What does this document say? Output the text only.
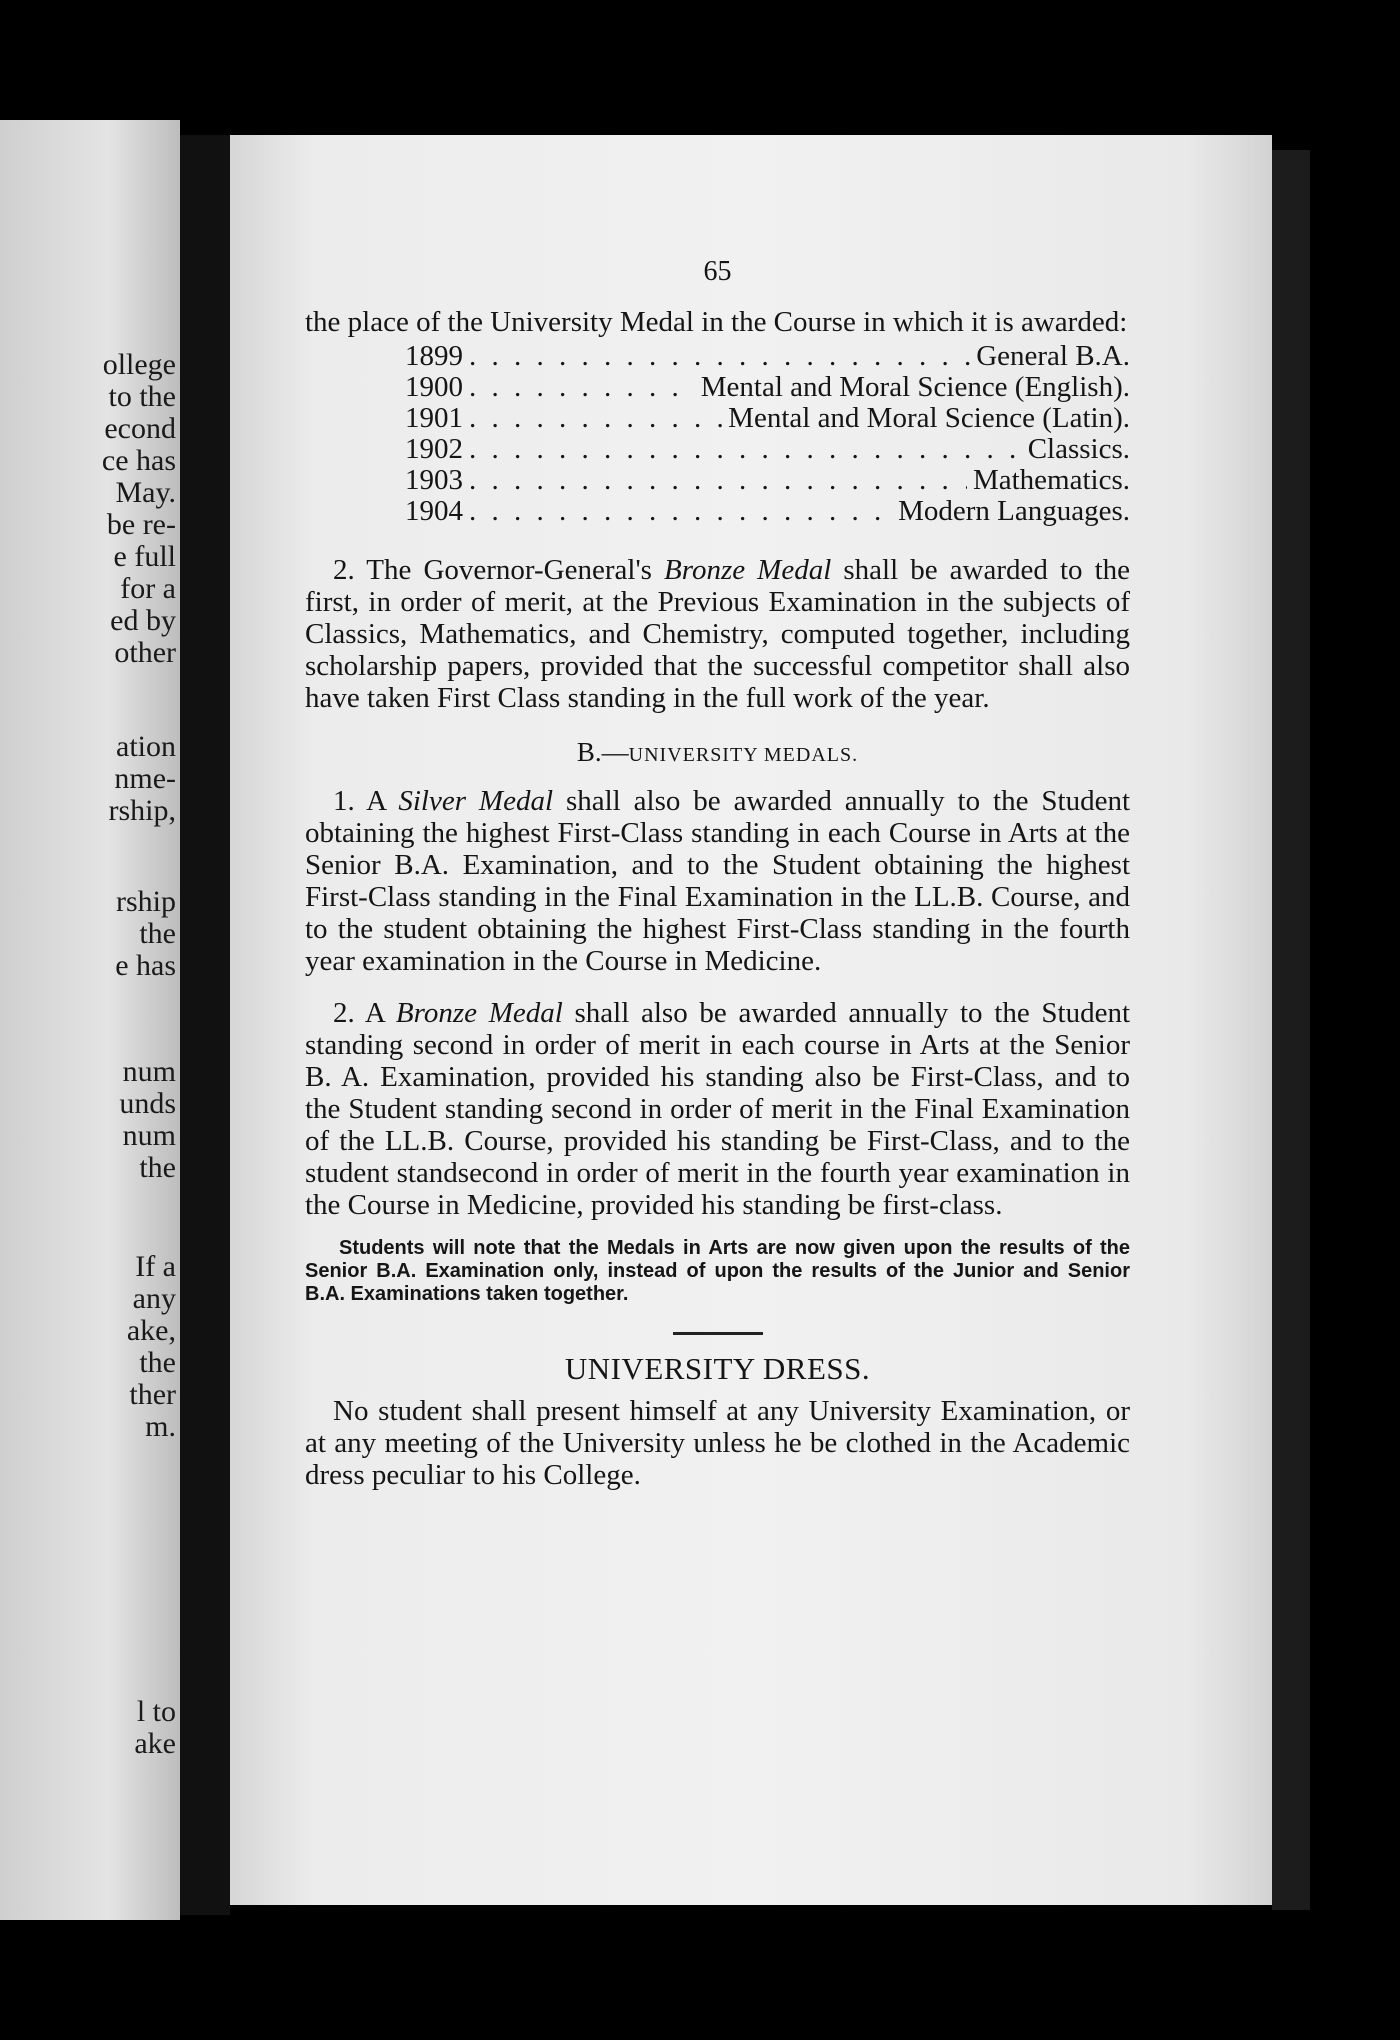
ollege
to the
econd
ce has
May.
be re-
e full
for a
ed by
other
ation
nme-
rship,
rship
the
e has
num
unds
num
the
If a
any
ake,
the
ther
m.
l to
ake
65

the place of the University Medal in the Course in which it is awarded:

1899 . . .	General B.A.
1900 . . .	Mental and Moral Science (English).
1901 . . .	Mental and Moral Science (Latin).
1902 . . .	Classics.
1903 . . .	Mathematics.
1904 . . .	Modern Languages.

2. The Governor-General's Bronze Medal shall be awarded to the first, in order of merit, at the Previous Examination in the subjects of Classics, Mathematics, and Chemistry, computed together, including scholarship papers, provided that the successful competitor shall also have taken First Class standing in the full work of the year.

B.—UNIVERSITY MEDALS.

1. A Silver Medal shall also be awarded annually to the Student obtaining the highest First-Class standing in each Course in Arts at the Senior B.A. Examination, and to the Student obtaining the highest First-Class standing in the Final Examination in the LL.B. Course, and to the student obtaining the highest First-Class standing in the fourth year examination in the Course in Medicine.

2. A Bronze Medal shall also be awarded annually to the Student standing second in order of merit in each course in Arts at the Senior B. A. Examination, provided his standing also be First-Class, and to the Student standing second in order of merit in the Final Examination of the LL.B. Course, provided his standing be First-Class, and to the student standsecond in order of merit in the fourth year examination in the Course in Medicine, provided his standing be first-class.

Students will note that the Medals in Arts are now given upon the results of the Senior B.A. Examination only, instead of upon the results of the Junior and Senior B.A. Examinations taken together.

UNIVERSITY DRESS.

No student shall present himself at any University Examination, or at any meeting of the University unless he be clothed in the Academic dress peculiar to his College.
